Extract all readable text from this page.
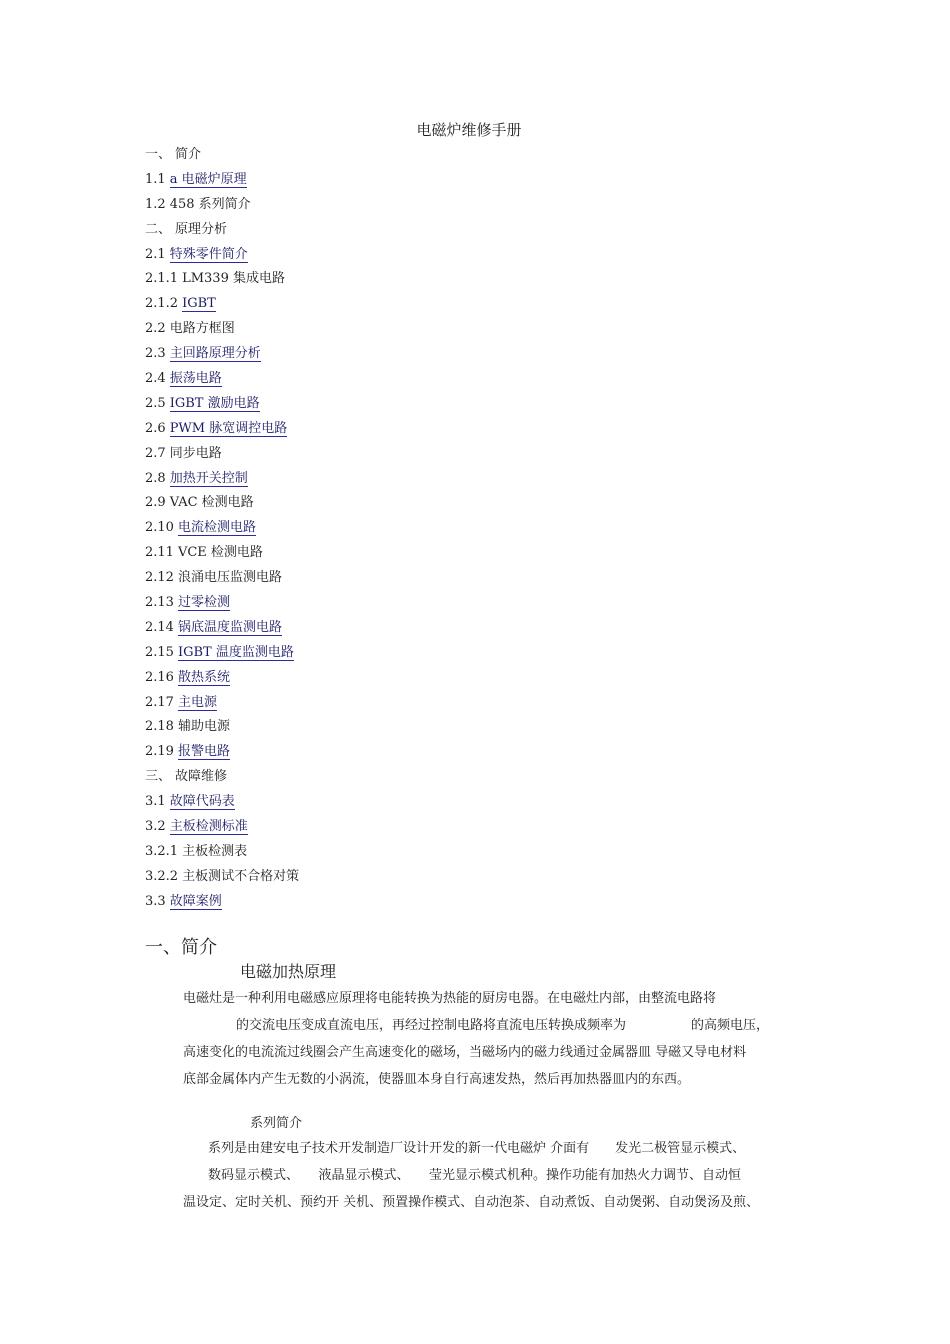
电磁炉维修手册
一、 简介
1.1 a 电磁炉原理
1.2 458 系列简介
二、 原理分析
2.1 特殊零件简介
2.1.1 LM339 集成电路
2.1.2 IGBT
2.2 电路方框图
2.3 主回路原理分析
2.4 振荡电路
2.5 IGBT 激励电路
2.6 PWM 脉宽调控电路
2.7 同步电路
2.8 加热开关控制
2.9 VAC 检测电路
2.10 电流检测电路
2.11 VCE 检测电路
2.12 浪涌电压监测电路
2.13 过零检测
2.14 锅底温度监测电路
2.15 IGBT 温度监测电路
2.16 散热系统
2.17 主电源
2.18 辅助电源
2.19 报警电路
三、 故障维修
3.1 故障代码表
3.2 主板检测标准
3.2.1 主板检测表
3.2.2 主板测试不合格对策
3.3 故障案例
一、简介
电磁加热原理
电磁灶是一种利用电磁感应原理将电能转换为热能的厨房电器。在电磁灶内部，由整流电路将
的交流电压变成直流电压，再经过控制电路将直流电压转换成频率为　　　　　的高频电压，
高速变化的电流流过线圈会产生高速变化的磁场，当磁场内的磁力线通过金属器皿 导磁又导电材料
底部金属体内产生无数的小涡流，使器皿本身自行高速发热，然后再加热器皿内的东西。
系列简介
系列是由建安电子技术开发制造厂设计开发的新一代电磁炉 介面有　　发光二极管显示模式、
数码显示模式、　　液晶显示模式、　　莹光显示模式机种。操作功能有加热火力调节、自动恒
温设定、定时关机、预约开 关机、预置操作模式、自动泡茶、自动煮饭、自动煲粥、自动煲汤及煎、
